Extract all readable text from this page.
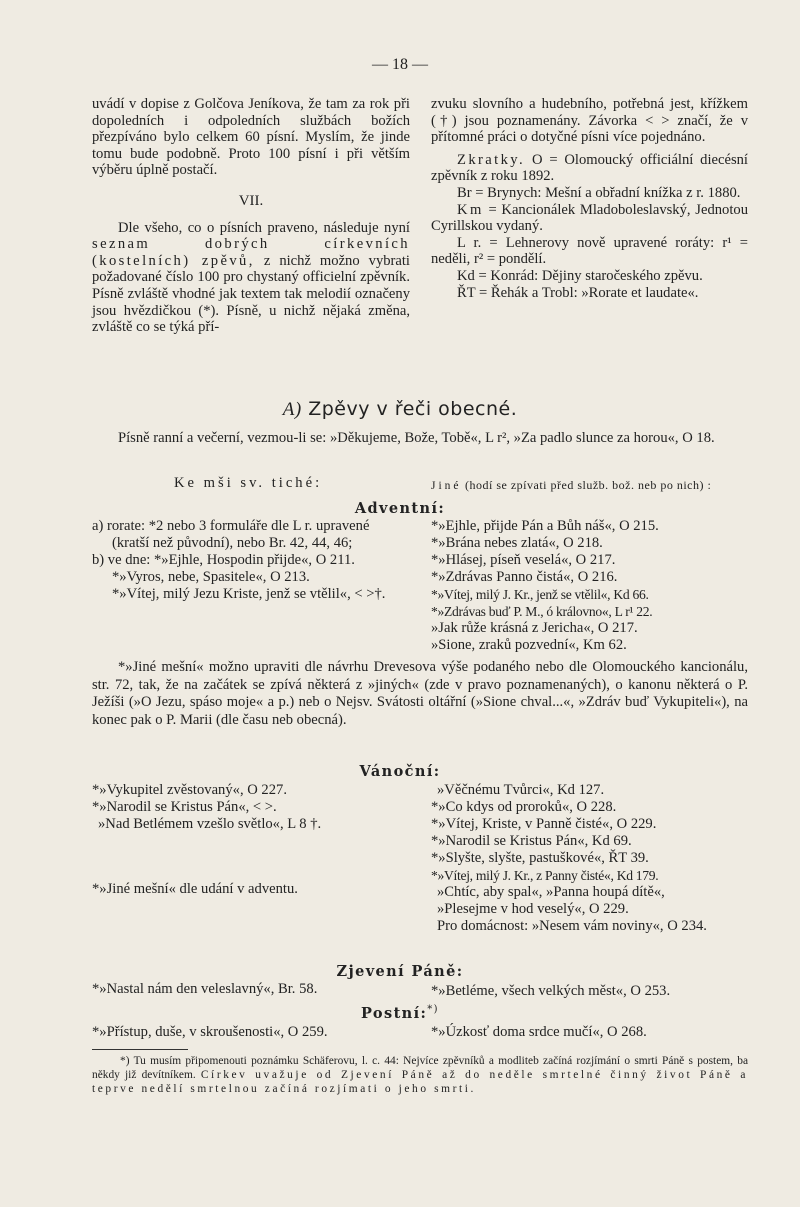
— 18 —

uvádí v dopise z Golčova Jeníkova, že tam za rok při dopoledních i odpoledních službách božích přezpíváno bylo celkem 60 písní. Myslím, že jinde tomu bude podobně. Proto 100 písní i při větším výběru úplně postačí.

VII.

Dle všeho, co o písních praveno, následuje nyní seznam dobrých církevních (kostelních) zpěvů, z nichž možno vybrati požadované číslo 100 pro chystaný officielní zpěvník. Písně zvláště vhodné jak textem tak melodií označeny jsou hvězdičkou (*). Písně, u nichž nějaká změna, zvláště co se týká pří-

zvuku slovního a hudebního, potřebná jest, křížkem (†) jsou poznamenány. Závorka < > značí, že v přítomné práci o dotyčné písni více pojednáno.

Zkratky. O = Olomoucký officiální diecésní zpěvník z roku 1892.

Br = Brynych: Mešní a obřadní knížka z r. 1880.

Km = Kancionálek Mladoboleslavský, Jednotou Cyrillskou vydaný.

L r. = Lehnerovy nově upravené roráty: r¹ = neděli, r² = pondělí.

Kd = Konrád: Dějiny staročeského zpěvu.

ŘT = Řehák a Trobl: »Rorate et laudate«.

A) Zpěvy v řeči obecné.

Písně ranní a večerní, vezmou-li se: »Děkujeme, Bože, Tobě«, L r², »Za padlo slunce za horou«, O 18.

Ke mši sv. tiché:	Jiné (hodí se zpívati před služb. bož. neb po nich) :
Adventní:

a) rorate: *2 nebo 3 formuláře dle L r. upravené (kratší než původní), nebo Br. 42, 44, 46;

b) ve dne: *»Ejhle, Hospodin přijde«, O 211.

*»Vyros, nebe, Spasitele«, O 213.

*»Vítej, milý Jezu Kriste, jenž se vtělil«, < >†.

*»Ejhle, přijde Pán a Bůh náš«, O 215.

*»Brána nebes zlatá«, O 218.

*»Hlásej, píseň veselá«, O 217.

*»Zdrávas Panno čistá«, O 216.

*»Vítej, milý J. Kr., jenž se vtělil«, Kd 66.

*»Zdrávas buď P. M., ó královno«, L r¹ 22.

»Jak růže krásná z Jericha«, O 217.

»Sione, zraků pozvední«, Km 62.

*»Jiné mešní« možno upraviti dle návrhu Drevesova výše podaného nebo dle Olomouckého kancionálu, str. 72, tak, že na začátek se zpívá některá z »jiných« (zde v pravo poznamenaných), o kanonu některá o P. Ježíši (»O Jezu, spáso moje« a p.) neb o Nejsv. Svátosti oltářní (»Sione chval...«, »Zdráv buď Vykupiteli«), na konec pak o P. Marii (dle času neb obecná).

Vánoční:

*»Vykupitel zvěstovaný«, O 227.

*»Narodil se Kristus Pán«, < >.

»Nad Betlémem vzešlo světlo«, L 8 †.

*»Jiné mešní« dle udání v adventu.

»Věčnému Tvůrci«, Kd 127.

*»Co kdys od proroků«, O 228.

*»Vítej, Kriste, v Panně čisté«, O 229.

*»Narodil se Kristus Pán«, Kd 69.

*»Slyšte, slyšte, pastuškové«, ŘT 39.

*»Vítej, milý J. Kr., z Panny čisté«, Kd 179.

»Chtíc, aby spal«, »Panna houpá dítě«,

»Plesejme v hod veselý«, O 229.

Pro domácnost: »Nesem vám noviny«, O 234.

Zjevení Páně:
*»Nastal nám den veleslavný«, Br. 58.	*»Betléme, všech velkých měst«, O 253.
Postní:*)
*»Přístup, duše, v skroušenosti«, O 259.	*»Úzkosť doma srdce mučí«, O 268.

*) Tu musím připomenouti poznámku Schäferovu, l. c. 44: Nejvíce zpěvníků a modliteb začíná rozjímání o smrti Páně s postem, ba někdy již devítníkem. Církev uvažuje od Zjevení Páně až do neděle smrtelné činný život Páně a teprve nedělí smrtelnou začíná rozjímati o jeho smrti.
